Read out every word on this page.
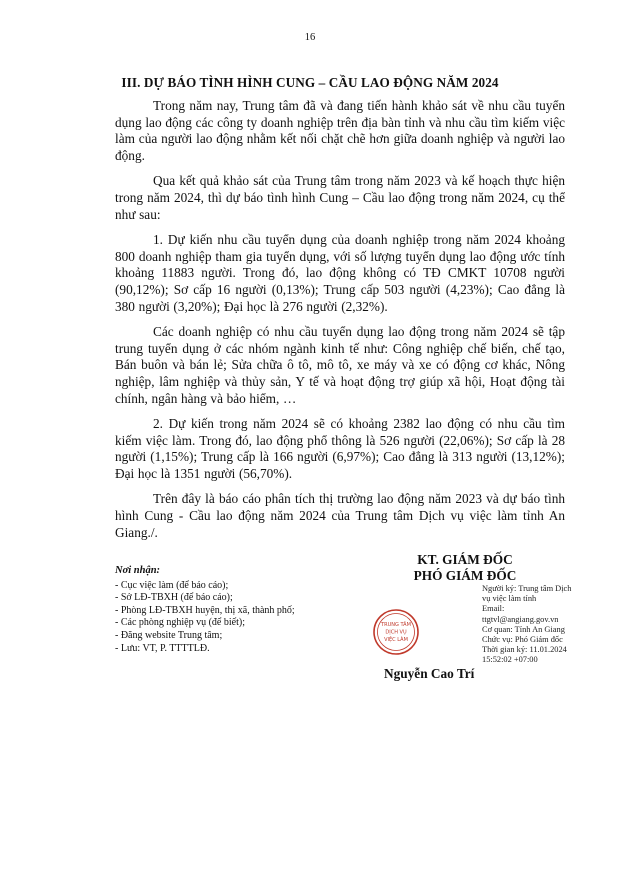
16
III. DỰ BÁO TÌNH HÌNH CUNG – CẦU LAO ĐỘNG NĂM 2024

Trong năm nay, Trung tâm đã và đang tiến hành khảo sát về nhu cầu tuyển dụng lao động các công ty doanh nghiệp trên địa bàn tỉnh và nhu cầu tìm kiếm việc làm của người lao động nhằm kết nối chặt chẽ hơn giữa doanh nghiệp và người lao động.

Qua kết quả khảo sát của Trung tâm trong năm 2023 và kế hoạch thực hiện trong năm 2024, thì dự báo tình hình Cung – Cầu lao động trong năm 2024, cụ thể như sau:

1. Dự kiến nhu cầu tuyển dụng của doanh nghiệp trong năm 2024 khoảng 800 doanh nghiệp tham gia tuyển dụng, với số lượng tuyển dụng lao động ước tính khoảng 11883 người. Trong đó, lao động không có TĐ CMKT 10708 người (90,12%); Sơ cấp 16 người (0,13%); Trung cấp 503 người (4,23%); Cao đẳng là 380 người (3,20%); Đại học là 276 người (2,32%).

Các doanh nghiệp có nhu cầu tuyển dụng lao động trong năm 2024 sẽ tập trung tuyển dụng ở các nhóm ngành kinh tế như: Công nghiệp chế biến, chế tạo, Bán buôn và bán lẻ; Sửa chữa ô tô, mô tô, xe máy và xe có động cơ khác, Nông nghiệp, lâm nghiệp và thủy sản, Y tế và hoạt động trợ giúp xã hội, Hoạt động tài chính, ngân hàng và bảo hiểm, …

2. Dự kiến trong năm 2024 sẽ có khoảng 2382 lao động có nhu cầu tìm kiếm việc làm. Trong đó, lao động phổ thông là 526 người (22,06%); Sơ cấp là 28 người (1,15%); Trung cấp là 166 người (6,97%); Cao đẳng là 313 người (13,12%); Đại học là 1351 người (56,70%).

Trên đây là báo cáo phân tích thị trường lao động năm 2023 và dự báo tình hình Cung - Cầu lao động năm 2024 của Trung tâm Dịch vụ việc làm tỉnh An Giang./.

Nơi nhận:
- Cục việc làm (để báo cáo);
- Sở LĐ-TBXH (để báo cáo);
- Phòng LĐ-TBXH huyện, thị xã, thành phố;
- Các phòng nghiệp vụ (để biết);
- Đăng website Trung tâm;
- Lưu: VT, P. TTTTLĐ.
KT. GIÁM ĐỐC
PHÓ GIÁM ĐỐC
TRUNG TÂM
DỊCH VỤ
VIỆC LÀM
Người ký: Trung tâm Dịch
vụ việc làm tỉnh
Email:
ttgtvl@angiang.gov.vn
Cơ quan: Tỉnh An Giang
Chức vụ: Phó Giám đốc
Thời gian ký: 11.01.2024
15:52:02 +07:00
Nguyễn Cao Trí
